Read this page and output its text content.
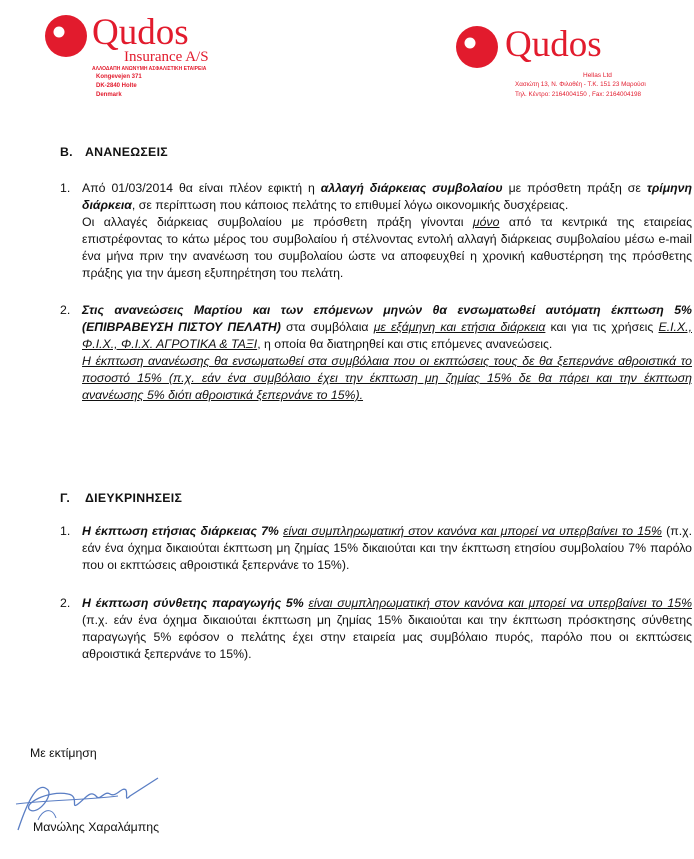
Qudos
Insurance A/S
ΑΛΛΟΔΑΠΗ ΑΝΩΝΥΜΗ ΑΣΦΑΛΙΣΤΙΚΗ ΕΤΑΙΡΕΙΑ
Kongevejen 371
DK-2840 Holte
Denmark
Qudos
Hellas Ltd
Χασιώτη 13, Ν. Φιλοθέη - Τ.Κ. 151 23 Μαρούσι
Τηλ. Κέντρο: 2164004150 , Fax: 2164004198
B. ΑΝΑΝΕΩΣΕΙΣ
1. Από 01/03/2014 θα είναι πλέον εφικτή η αλλαγή διάρκειας συμβολαίου με πρόσθετη πράξη σε τρίμηνη διάρκεια, σε περίπτωση που κάποιος πελάτης το επιθυμεί λόγω οικονομικής δυσχέρειας.

Οι αλλαγές διάρκειας συμβολαίου με πρόσθετη πράξη γίνονται μόνο από τα κεντρικά της εταιρείας επιστρέφοντας το κάτω μέρος του συμβολαίου ή στέλνοντας εντολή αλλαγή διάρκειας συμβολαίου μέσω e-mail ένα μήνα πριν την ανανέωση του συμβολαίου ώστε να αποφευχθεί η χρονική καθυστέρηση της πρόσθετης πράξης για την άμεση εξυπηρέτηση του πελάτη.

2. Στις ανανεώσεις Μαρτίου και των επόμενων μηνών θα ενσωματωθεί αυτόματη έκπτωση 5% (ΕΠΙΒΡΑΒΕΥΣΗ ΠΙΣΤΟΥ ΠΕΛΑΤΗ) στα συμβόλαια με εξάμηνη και ετήσια διάρκεια και για τις χρήσεις Ε.Ι.Χ., Φ.Ι.Χ., Φ.Ι.Χ. ΑΓΡΟΤΙΚΑ & ΤΑΞΙ, η οποία θα διατηρηθεί και στις επόμενες ανανεώσεις.

Η έκπτωση ανανέωσης θα ενσωματωθεί στα συμβόλαια που οι εκπτώσεις τους δε θα ξεπερνάνε αθροιστικά το ποσοστό 15% (π.χ. εάν ένα συμβόλαιο έχει την έκπτωση μη ζημίας 15% δε θα πάρει και την έκπτωση ανανέωσης 5% διότι αθροιστικά ξεπερνάνε το 15%).

Γ. ΔΙΕΥΚΡΙΝΗΣΕΙΣ
1. Η έκπτωση ετήσιας διάρκειας 7% είναι συμπληρωματική στον κανόνα και μπορεί να υπερβαίνει το 15% (π.χ. εάν ένα όχημα δικαιούται έκπτωση μη ζημίας 15% δικαιούται και την έκπτωση ετησίου συμβολαίου 7% παρόλο που οι εκπτώσεις αθροιστικά ξεπερνάνε το 15%).

2. Η έκπτωση σύνθετης παραγωγής 5% είναι συμπληρωματική στον κανόνα και μπορεί να υπερβαίνει το 15% (π.χ. εάν ένα όχημα δικαιούται έκπτωση μη ζημίας 15% δικαιούται και την έκπτωση πρόσκτησης σύνθετης παραγωγής 5% εφόσον ο πελάτης έχει στην εταιρεία μας συμβόλαιο πυρός, παρόλο που οι εκπτώσεις αθροιστικά ξεπερνάνε το 15%).

Με εκτίμηση
Μανώλης Χαραλάμπης
